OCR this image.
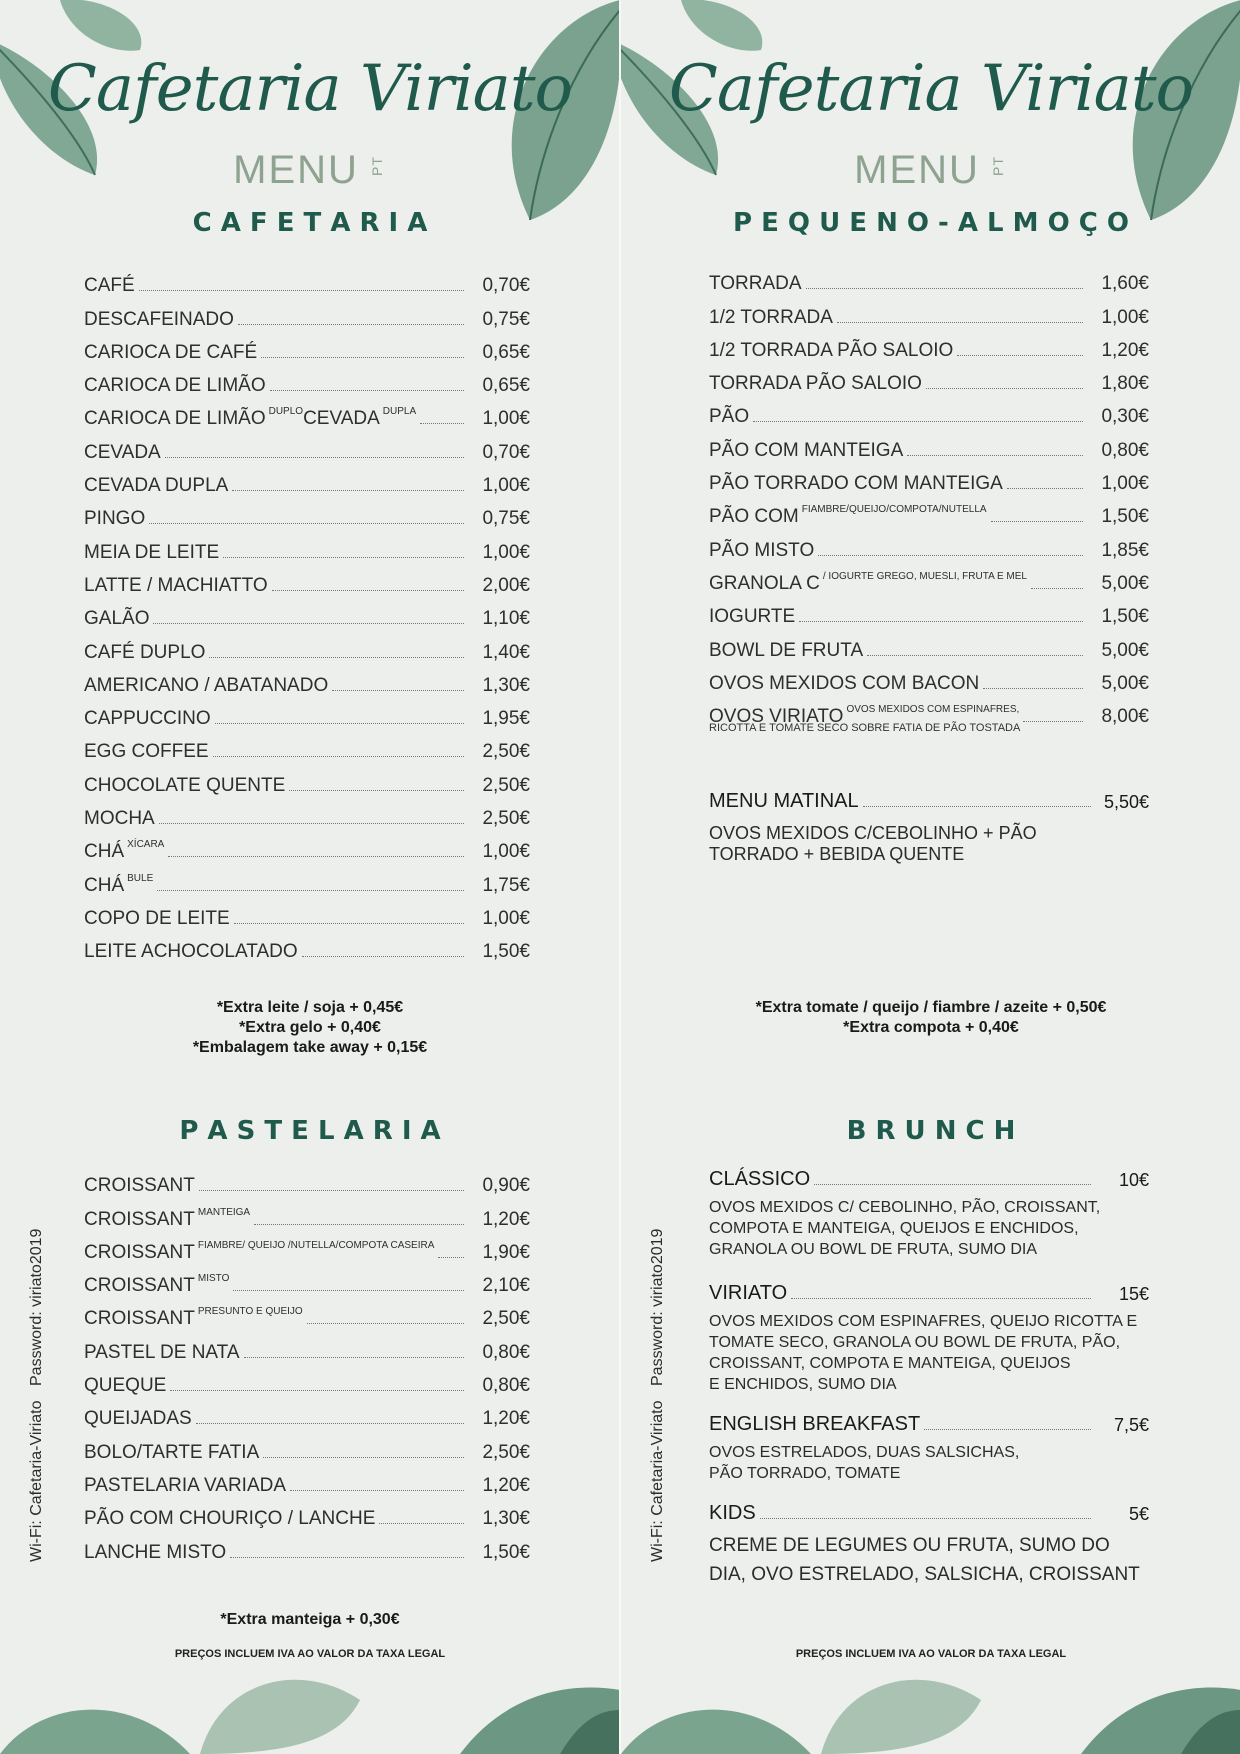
Cafetaria Viriato
MENU PT
C A F E T A R I A
CAFÉ	0,70€
DESCAFEINADO	0,75€
CARIOCA DE CAFÉ	0,65€
CARIOCA DE LIMÃO	0,65€
CARIOCA DE LIMÃO $^{DUPLO}$CEVADA $^{DUPLA}$	1,00€
CEVADA	0,70€
CEVADA DUPLA	1,00€
PINGO	0,75€
MEIA DE LEITE	1,00€
LATTE / MACHIATTO	2,00€
GALÃO	1,10€
CAFÉ DUPLO	1,40€
AMERICANO / ABATANADO	1,30€
CAPPUCCINO	1,95€
EGG COFFEE	2,50€
CHOCOLATE QUENTE	2,50€
MOCHA	2,50€
CHÁ $^{XÍCARA}$	1,00€
CHÁ $^{BULE}$	1,75€
COPO DE LEITE	1,00€
LEITE ACHOCOLATADO	1,50€
*Extra leite / soja + 0,45€
*Extra gelo + 0,40€
*Embalagem take away + 0,15€
P A S T E L A R I A
CROISSANT	0,90€
CROISSANT $^{MANTEIGA}$	1,20€
CROISSANT $^{FIAMBRE/ QUEIJO /NUTELLA/COMPOTA CASEIRA}$	1,90€
CROISSANT $^{MISTO}$	2,10€
CROISSANT $^{PRESUNTO E QUEIJO}$	2,50€
PASTEL DE NATA	0,80€
QUEQUE	0,80€
QUEIJADAS	1,20€
BOLO/TARTE FATIA	2,50€
PASTELARIA VARIADA	1,20€
PÃO COM CHOURIÇO / LANCHE	1,30€
LANCHE MISTO	1,50€
*Extra manteiga + 0,30€
PREÇOS INCLUEM IVA AO VALOR DA TAXA LEGAL
Wi-Fi: Cafetaria-Viriato
Password: viriato2019
Cafetaria Viriato
MENU PT
P E Q U E N O - A L M O Ç O
TORRADA	1,60€
1/2 TORRADA	1,00€
1/2 TORRADA PÃO SALOIO	1,20€
TORRADA PÃO SALOIO	1,80€
PÃO	0,30€
PÃO COM MANTEIGA	0,80€
PÃO TORRADO COM MANTEIGA	1,00€
PÃO COM $^{FIAMBRE/QUEIJO/COMPOTA/NUTELLA}$	1,50€
PÃO MISTO	1,85€
GRANOLA C $^{/ IOGURTE GREGO, MUESLI, FRUTA E MEL}$	5,00€
IOGURTE	1,50€
BOWL DE FRUTA	5,00€
OVOS MEXIDOS COM BACON	5,00€
OVOS VIRIATO $^{OVOS MEXIDOS COM ESPINAFRES,}$	8,00€
RICOTTA E TOMATE SECO SOBRE FATIA DE PÃO TOSTADA
MENU MATINAL	5,50€
OVOS MEXIDOS C/CEBOLINHO + PÃO
TORRADO + BEBIDA QUENTE
*Extra tomate / queijo / fiambre / azeite + 0,50€
*Extra compota + 0,40€
B R U N C H
CLÁSSICO	10€
OVOS MEXIDOS C/ CEBOLINHO, PÃO, CROISSANT,
COMPOTA E MANTEIGA, QUEIJOS E ENCHIDOS,
GRANOLA OU BOWL DE FRUTA, SUMO DIA
VIRIATO	15€
OVOS MEXIDOS COM ESPINAFRES, QUEIJO RICOTTA E
TOMATE SECO, GRANOLA OU BOWL DE FRUTA, PÃO,
CROISSANT, COMPOTA E MANTEIGA, QUEIJOS
E ENCHIDOS, SUMO DIA
ENGLISH BREAKFAST	7,5€
OVOS ESTRELADOS, DUAS SALSICHAS,
PÃO TORRADO, TOMATE
KIDS	5€
CREME DE LEGUMES OU FRUTA, SUMO DO
DIA, OVO ESTRELADO, SALSICHA, CROISSANT
PREÇOS INCLUEM IVA AO VALOR DA TAXA LEGAL
Wi-Fi: Cafetaria-Viriato
Password: viriato2019
